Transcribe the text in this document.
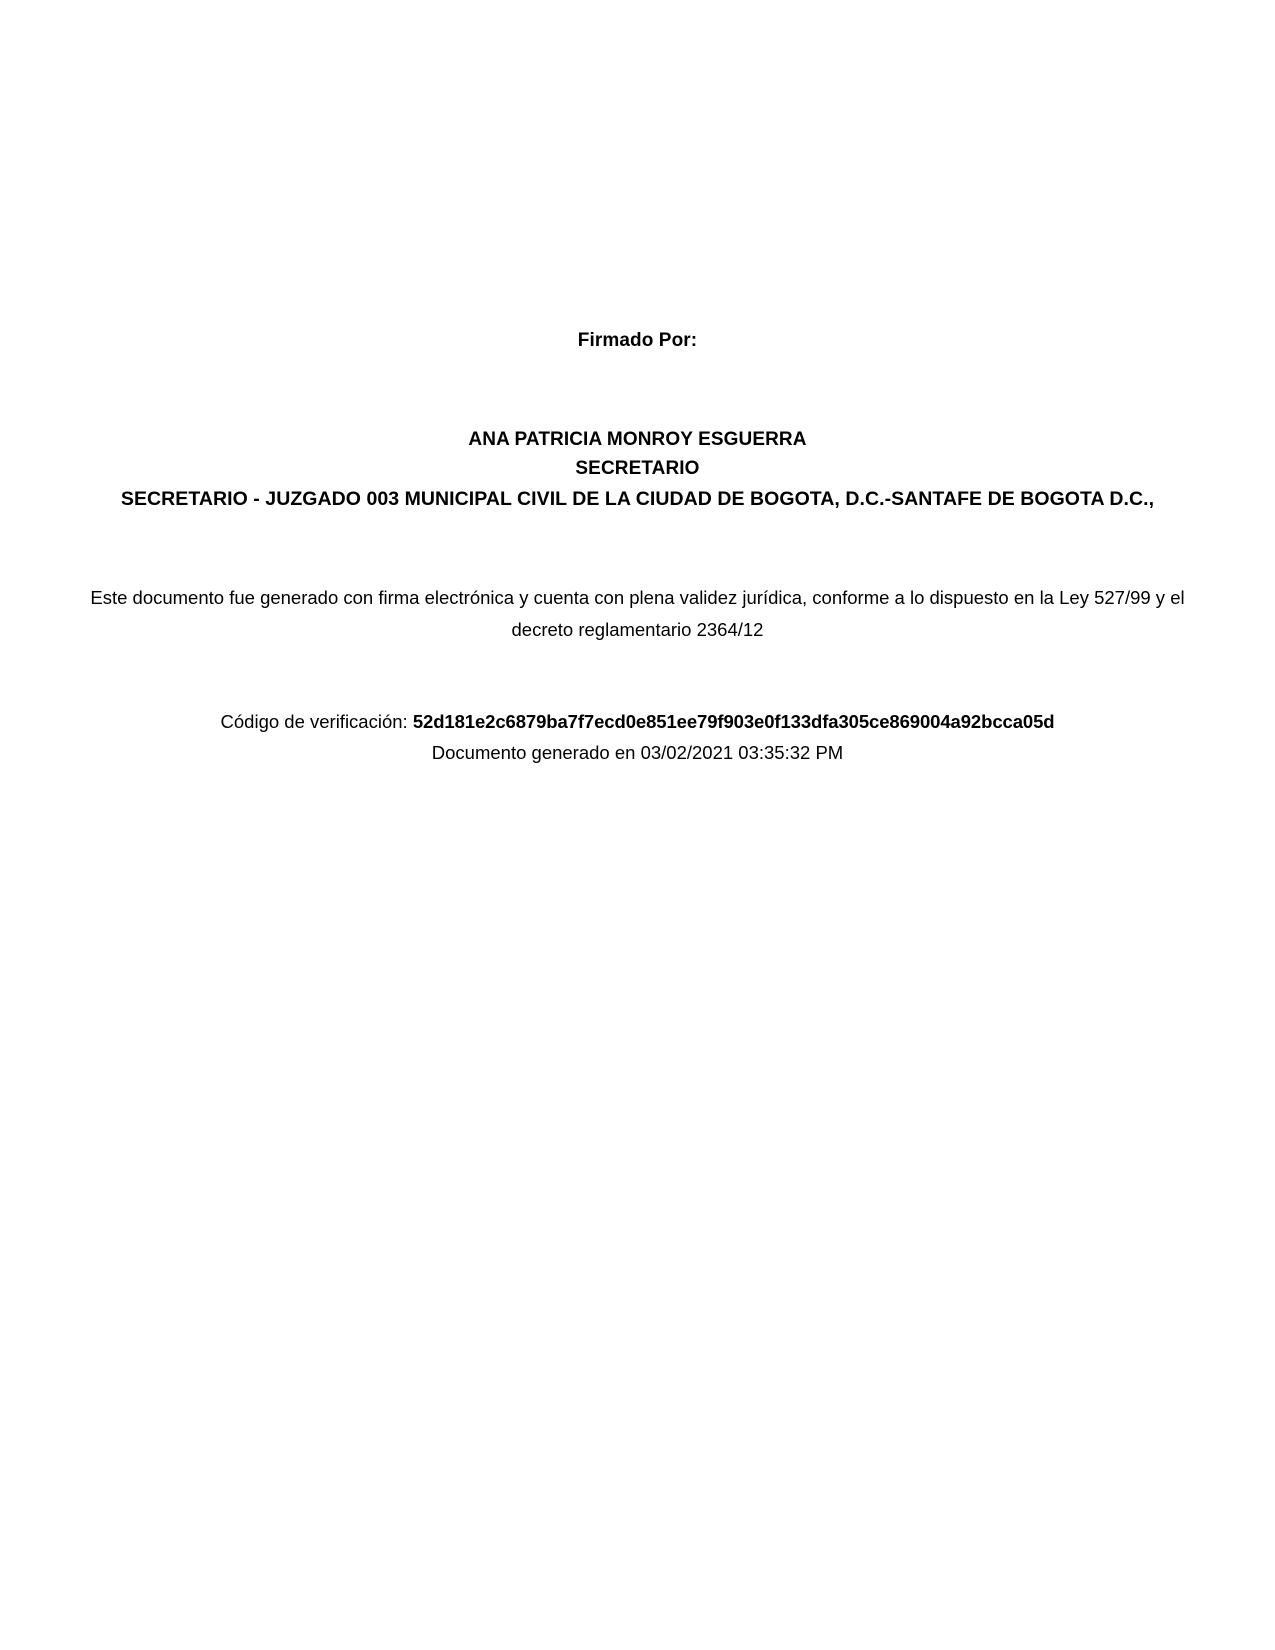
Firmado Por:
ANA PATRICIA MONROY ESGUERRA
SECRETARIO
SECRETARIO - JUZGADO 003 MUNICIPAL CIVIL DE LA CIUDAD DE BOGOTA, D.C.-SANTAFE DE BOGOTA D.C.,
Este documento fue generado con firma electrónica y cuenta con plena validez jurídica, conforme a lo dispuesto en la Ley 527/99 y el decreto reglamentario 2364/12
Código de verificación: 52d181e2c6879ba7f7ecd0e851ee79f903e0f133dfa305ce869004a92bcca05d
Documento generado en 03/02/2021 03:35:32 PM
